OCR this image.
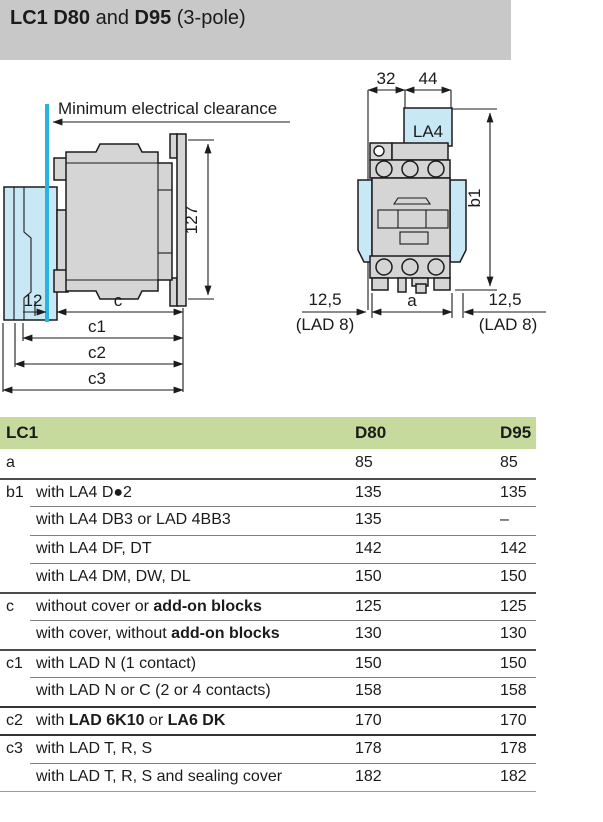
LC1 D80 and D95 (3-pole)
Minimum electrical clearance
127
12	c
c1
c2
c3
32 44
LA4
b1
12,5
(LAD 8)
a	12,5
(LAD 8)
LC1	D80	D95
a	85	85
b1 with LA4 D●2	135	135
with LA4 DB3 or LAD 4BB3	135	–
with LA4 DF, DT	142	142
with LA4 DM, DW, DL	150	150
c	without cover or add-on blocks	125	125
with cover, without add-on blocks	130	130
c1 with LAD N (1 contact)	150	150
with LAD N or C (2 or 4 contacts)	158	158
c2 with LAD 6K10 or LA6 DK	170	170
c3 with LAD T, R, S	178	178
with LAD T, R, S and sealing cover	182	182
